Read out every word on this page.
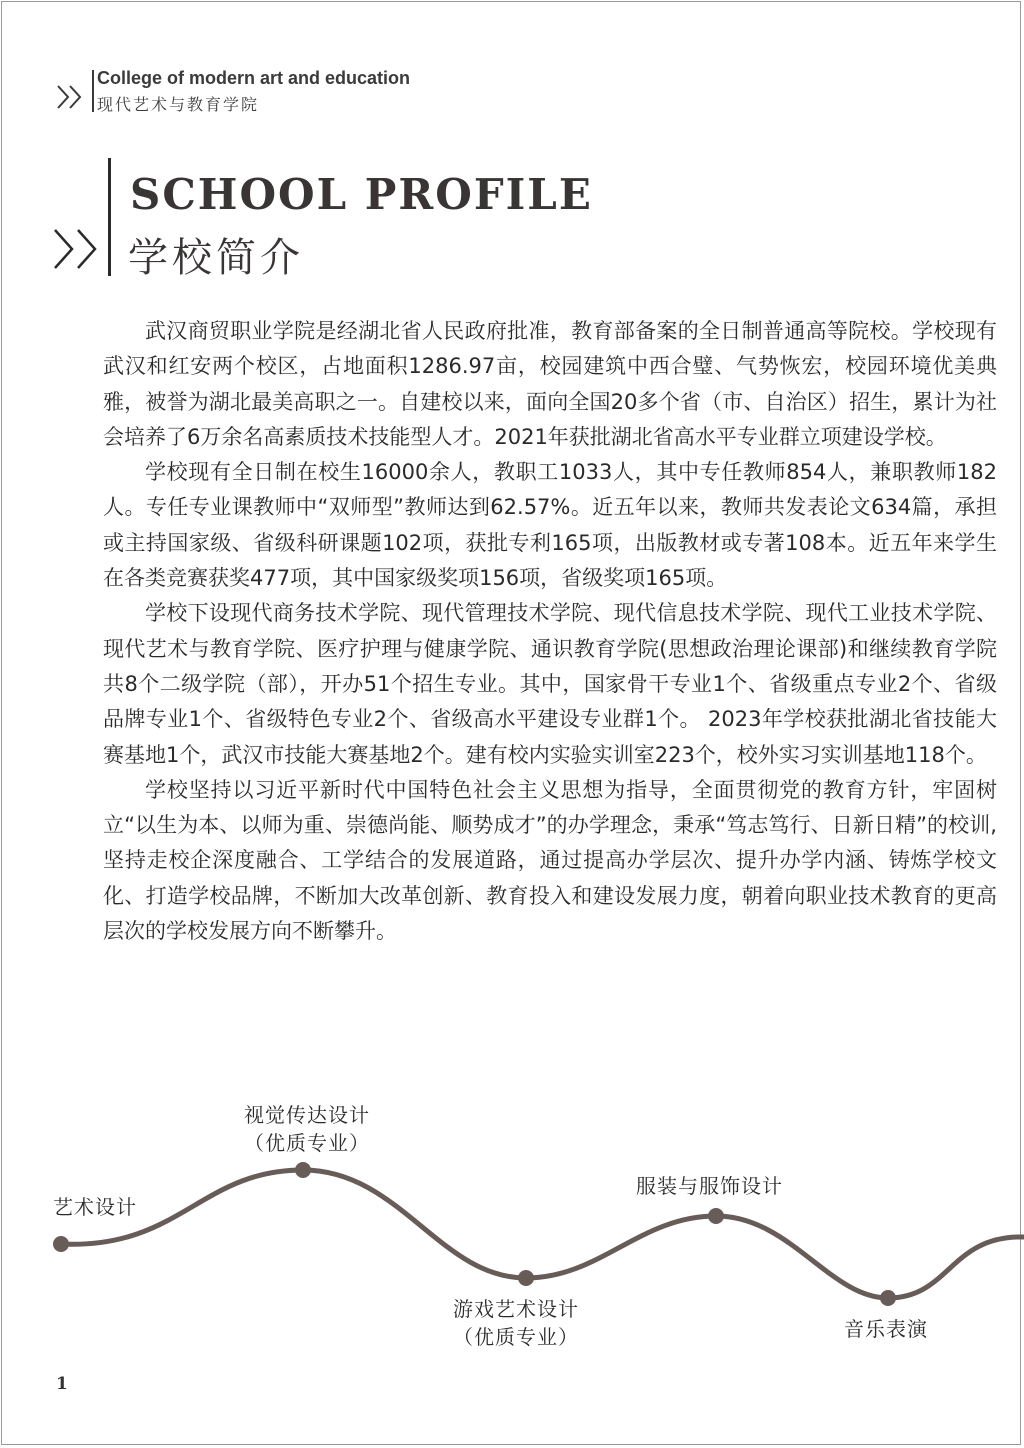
College of modern art and education
现代艺术与教育学院
SCHOOL PROFILE
学校简介

武汉商贸职业学院是经湖北省人民政府批准，教育部备案的全日制普通高等院校。学校现有武汉和红安两个校区，占地面积1286.97亩，校园建筑中西合璧、气势恢宏，校园环境优美典雅，被誉为湖北最美高职之一。自建校以来，面向全国20多个省（市、自治区）招生，累计为社会培养了6万余名高素质技术技能型人才。2021年获批湖北省高水平专业群立项建设学校。

学校现有全日制在校生16000余人，教职工1033人，其中专任教师854人，兼职教师182人。专任专业课教师中“双师型”教师达到62.57%。近五年以来，教师共发表论文634篇，承担或主持国家级、省级科研课题102项，获批专利165项，出版教材或专著108本。近五年来学生在各类竞赛获奖477项，其中国家级奖项156项，省级奖项165项。

学校下设现代商务技术学院、现代管理技术学院、现代信息技术学院、现代工业技术学院、现代艺术与教育学院、医疗护理与健康学院、通识教育学院(思想政治理论课部)和继续教育学院共8个二级学院（部），开办51个招生专业。其中，国家骨干专业1个、省级重点专业2个、省级品牌专业1个、省级特色专业2个、省级高水平建设专业群1个。 2023年学校获批湖北省技能大赛基地1个，武汉市技能大赛基地2个。建有校内实验实训室223个，校外实习实训基地118个。

学校坚持以习近平新时代中国特色社会主义思想为指导，全面贯彻党的教育方针，牢固树立“以生为本、以师为重、崇德尚能、顺势成才”的办学理念，秉承“笃志笃行、日新日精”的校训,坚持走校企深度融合、工学结合的发展道路，通过提高办学层次、提升办学内涵、铸炼学校文化、打造学校品牌，不断加大改革创新、教育投入和建设发展力度，朝着向职业技术教育的更高层次的学校发展方向不断攀升。

艺术设计
视觉传达设计
（优质专业）
游戏艺术设计
（优质专业）
服装与服饰设计
音乐表演
1
